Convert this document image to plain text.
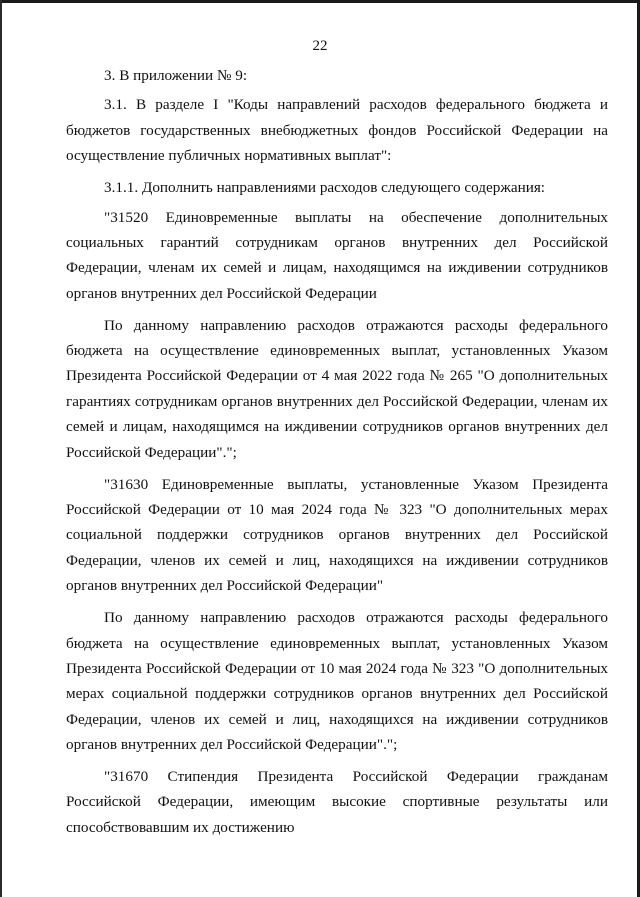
22

3. В приложении № 9:

3.1. В разделе I "Коды направлений расходов федерального бюджета и бюджетов государственных внебюджетных фондов Российской Федерации на осуществление публичных нормативных выплат":

3.1.1. Дополнить направлениями расходов следующего содержания:

"31520 Единовременные выплаты на обеспечение дополнительных социальных гарантий сотрудникам органов внутренних дел Российской Федерации, членам их семей и лицам, находящимся на иждивении сотрудников органов внутренних дел Российской Федерации

По данному направлению расходов отражаются расходы федерального бюджета на осуществление единовременных выплат, установленных Указом Президента Российской Федерации от 4 мая 2022 года № 265 "О дополнительных гарантиях сотрудникам органов внутренних дел Российской Федерации, членам их семей и лицам, находящимся на иждивении сотрудников органов внутренних дел Российской Федерации".";

"31630 Единовременные выплаты, установленные Указом Президента Российской Федерации от 10 мая 2024 года № 323 "О дополнительных мерах социальной поддержки сотрудников органов внутренних дел Российской Федерации, членов их семей и лиц, находящихся на иждивении сотрудников органов внутренних дел Российской Федерации"

По данному направлению расходов отражаются расходы федерального бюджета на осуществление единовременных выплат, установленных Указом Президента Российской Федерации от 10 мая 2024 года № 323 "О дополнительных мерах социальной поддержки сотрудников органов внутренних дел Российской Федерации, членов их семей и лиц, находящихся на иждивении сотрудников органов внутренних дел Российской Федерации".";

"31670 Стипендия Президента Российской Федерации гражданам Российской Федерации, имеющим высокие спортивные результаты или способствовавшим их достижению
